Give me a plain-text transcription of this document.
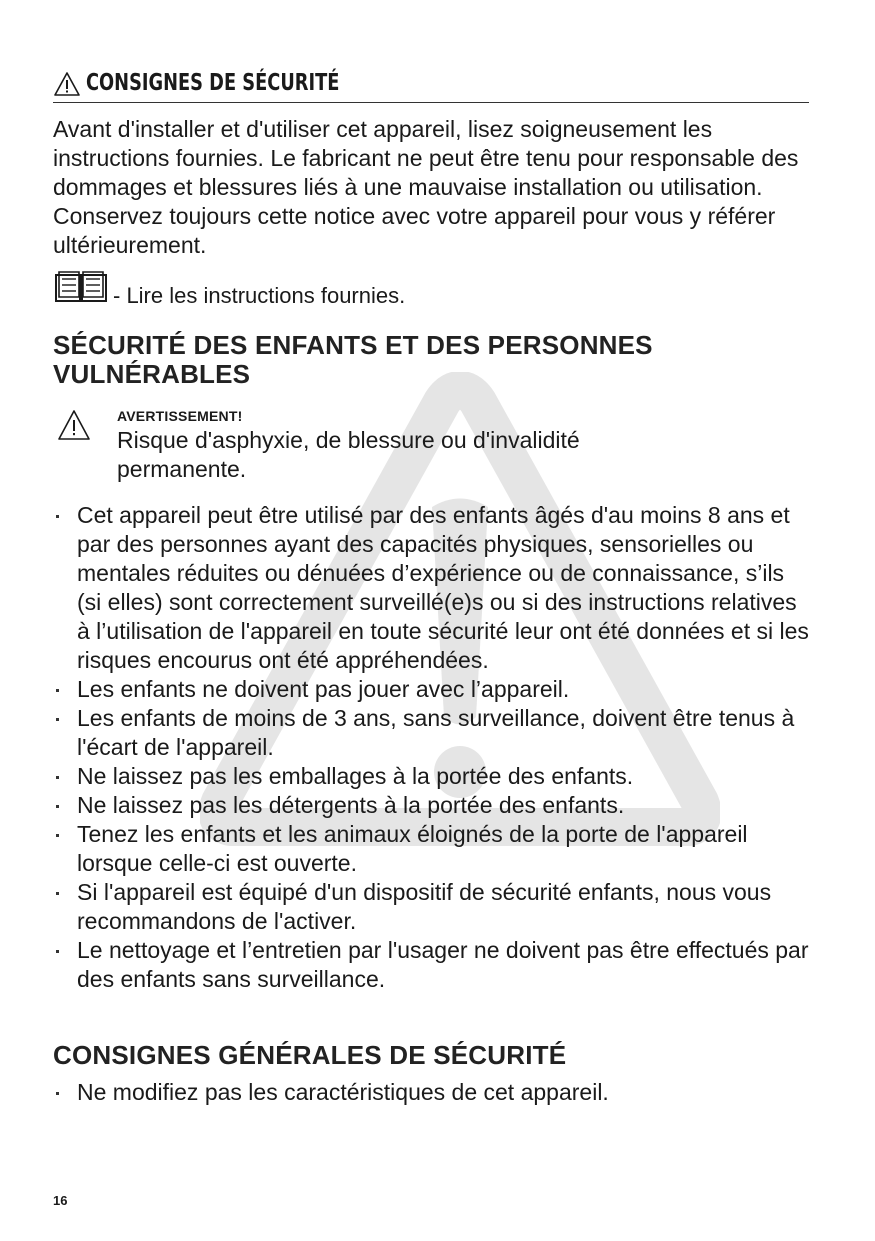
CONSIGNES DE SÉCURITÉ

Avant d'installer et d'utiliser cet appareil, lisez soigneusement les instructions fournies. Le fabricant ne peut être tenu pour responsable des dommages et blessures liés à une mauvaise installation ou utilisation. Conservez toujours cette notice avec votre appareil pour vous y référer ultérieurement.

- Lire les instructions fournies.
SÉCURITÉ DES ENFANTS ET DES PERSONNES VULNÉRABLES
AVERTISSEMENT!

Risque d'asphyxie, de blessure ou d'invalidité permanente.

Cet appareil peut être utilisé par des enfants âgés d'au moins 8 ans et par des personnes ayant des capacités physiques, sensorielles ou mentales réduites ou dénuées d’expérience ou de connaissance, s’ils (si elles) sont correctement surveillé(e)s ou si des instructions relatives à l’utilisation de l'appareil en toute sécurité leur ont été données et si les risques encourus ont été appréhendées.
Les enfants ne doivent pas jouer avec l’appareil.
Les enfants de moins de 3 ans, sans surveillance, doivent être tenus à l'écart de l'appareil.
Ne laissez pas les emballages à la portée des enfants.
Ne laissez pas les détergents à la portée des enfants.
Tenez les enfants et les animaux éloignés de la porte de l'appareil lorsque celle-ci est ouverte.
Si l'appareil est équipé d'un dispositif de sécurité enfants, nous vous recommandons de l'activer.
Le nettoyage et l’entretien par l'usager ne doivent pas être effectués par des enfants sans surveillance.
CONSIGNES GÉNÉRALES DE SÉCURITÉ
Ne modifiez pas les caractéristiques de cet appareil.
16
